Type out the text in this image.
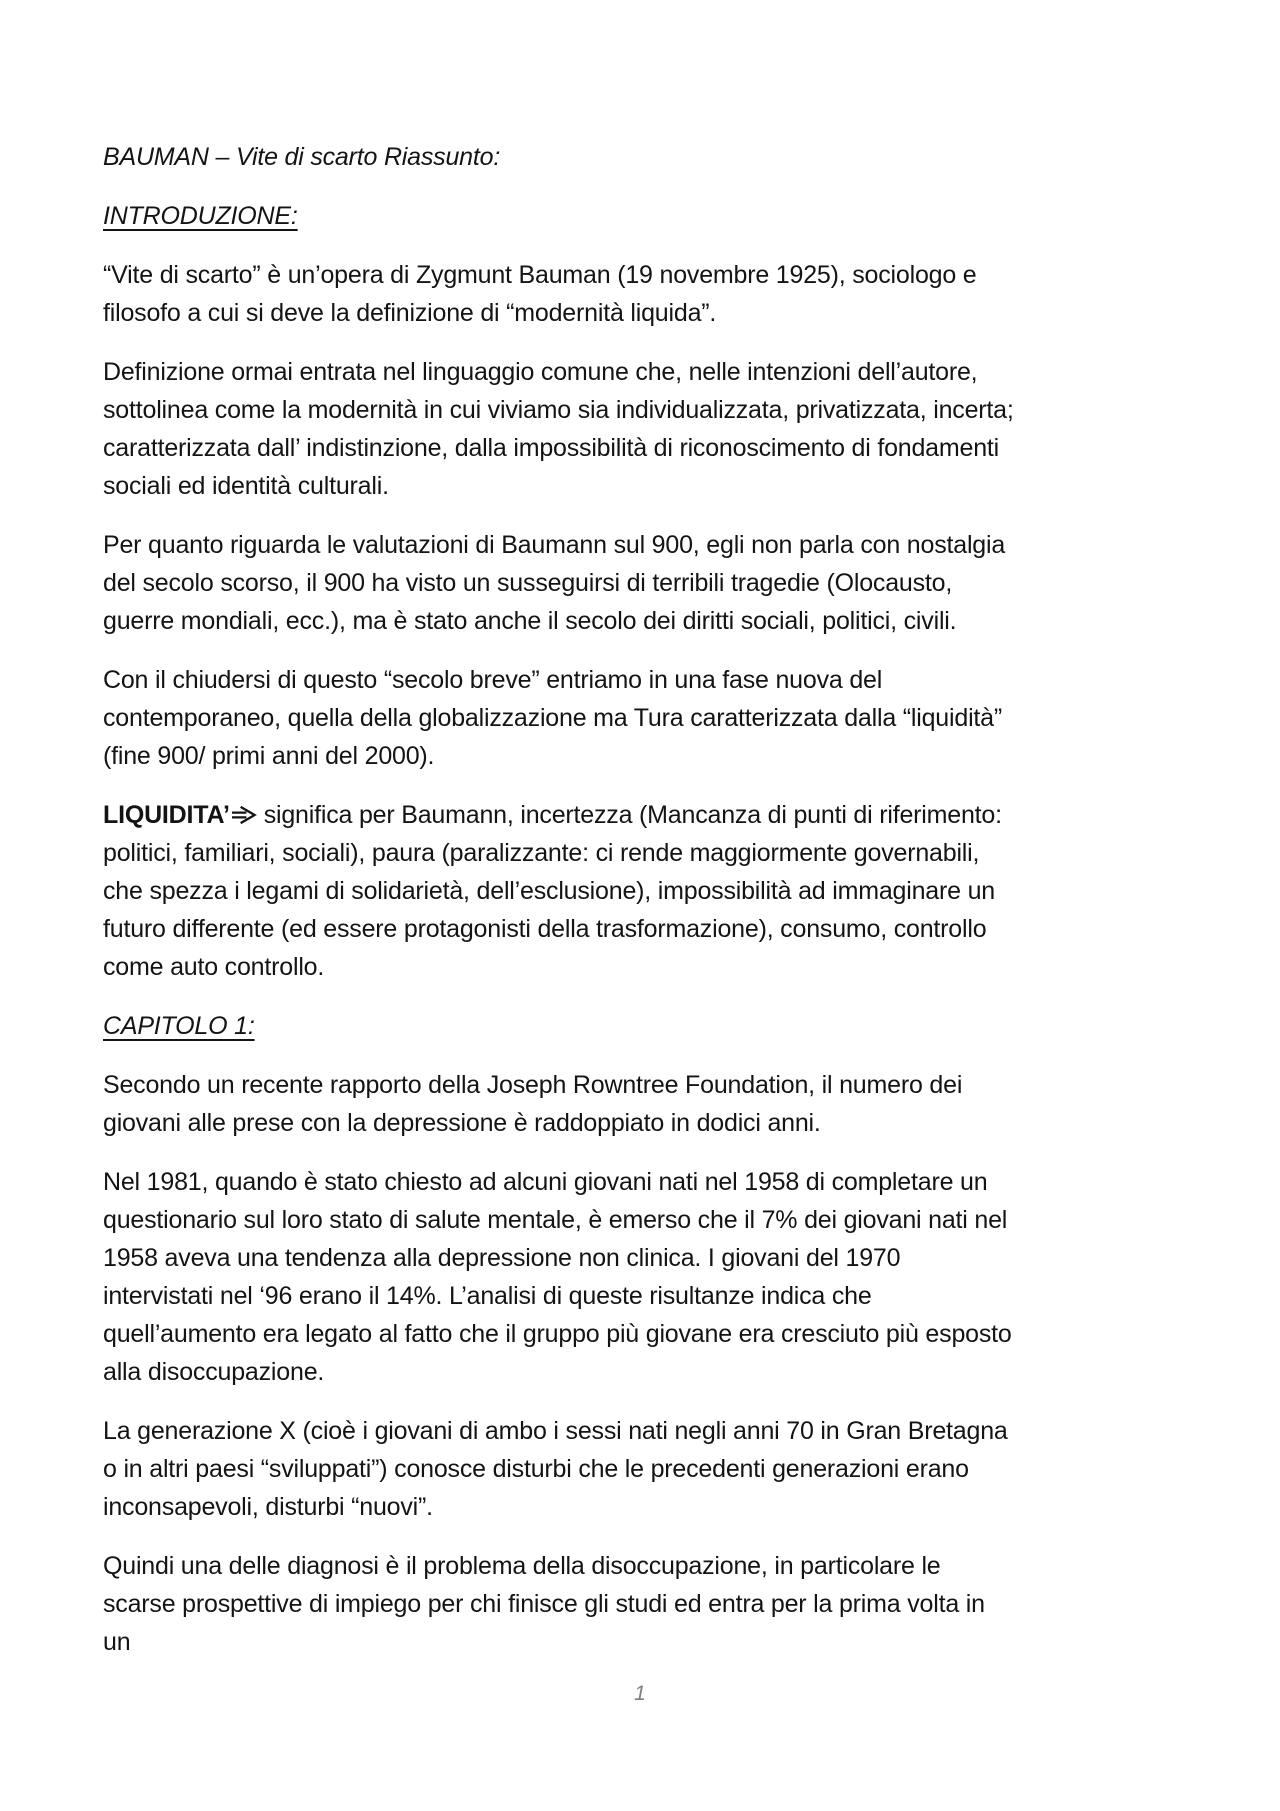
BAUMAN – Vite di scarto Riassunto:

INTRODUZIONE:

“Vite di scarto” è un’opera di Zygmunt Bauman (19 novembre 1925), sociologo e filosofo a cui si deve la definizione di “modernità liquida”.

Definizione ormai entrata nel linguaggio comune che, nelle intenzioni dell’autore, sottolinea come la modernità in cui viviamo sia individualizzata, privatizzata, incerta; caratterizzata dall’ indistinzione, dalla impossibilità di riconoscimento di fondamenti sociali ed identità culturali.

Per quanto riguarda le valutazioni di Baumann sul 900, egli non parla con nostalgia del secolo scorso, il 900 ha visto un susseguirsi di terribili tragedie (Olocausto, guerre mondiali, ecc.), ma è stato anche il secolo dei diritti sociali, politici, civili.

Con il chiudersi di questo “secolo breve” entriamo in una fase nuova del contemporaneo, quella della globalizzazione ma Tura caratterizzata dalla “liquidità” (fine 900/ primi anni del 2000).

LIQUIDITA’ significa per Baumann, incertezza (Mancanza di punti di riferimento: politici, familiari, sociali), paura (paralizzante: ci rende maggiormente governabili, che spezza i legami di solidarietà, dell’esclusione), impossibilità ad immaginare un futuro differente (ed essere protagonisti della trasformazione), consumo, controllo come auto controllo.

CAPITOLO 1:

Secondo un recente rapporto della Joseph Rowntree Foundation, il numero dei giovani alle prese con la depressione è raddoppiato in dodici anni.

Nel 1981, quando è stato chiesto ad alcuni giovani nati nel 1958 di completare un questionario sul loro stato di salute mentale, è emerso che il 7% dei giovani nati nel 1958 aveva una tendenza alla depressione non clinica. I giovani del 1970 intervistati nel ‘96 erano il 14%. L’analisi di queste risultanze indica che quell’aumento era legato al fatto che il gruppo più giovane era cresciuto più esposto alla disoccupazione.

La generazione X (cioè i giovani di ambo i sessi nati negli anni 70 in Gran Bretagna o in altri paesi “sviluppati”) conosce disturbi che le precedenti generazioni erano inconsapevoli, disturbi “nuovi”.

Quindi una delle diagnosi è il problema della disoccupazione, in particolare le scarse prospettive di impiego per chi finisce gli studi ed entra per la prima volta in un

1
